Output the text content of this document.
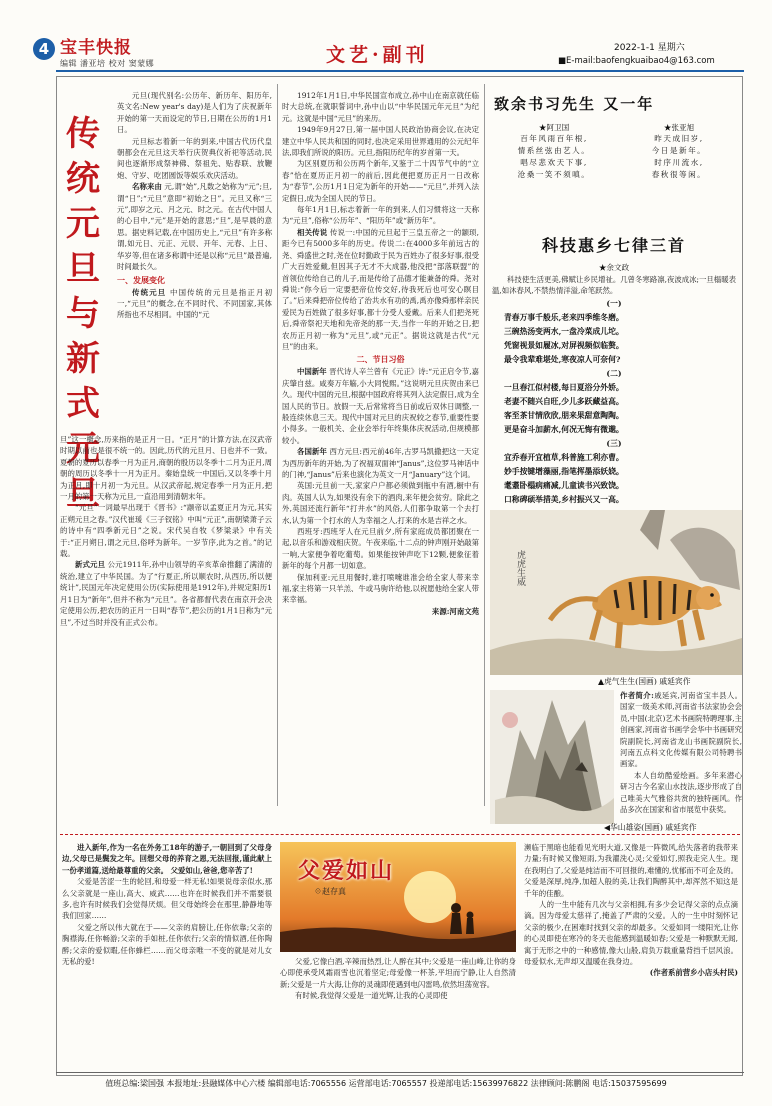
4 宝丰快报
编辑 潘亚培 校对 窦蒙娜	文艺·副刊	2022-1-1 星期六
■E-mail:baofengkuaibao4@163.com
传
统
元
旦
与
新
式
元
旦

元旦(现代别名:公历年、新历年、阳历年,英文名:New year's day)是人们为了庆祝新年开始的第一天而设定的节日,日期在公历的1月1日。

元旦标志着新一年的到来,中国古代历代皇朝都会在元旦这天举行庆贺典仪祈祀等活动,民间也逐渐形成祭神佛、祭祖先、贴春联、放鞭炮、守岁、吃团圆饭等娱乐欢庆活动。

名称来由 元,谓“始”,凡数之始称为“元”;旦,谓“日”;“元旦”意即“初始之日”。元旦又称“三元”,即岁之元、月之元、时之元。在古代中国人的心目中,“元”是开始的意思;“旦”,是早晨的意思。据史料记载,在中国历史上,“元旦”有许多称谓,如元日、元正、元辰、开年、元春、上日、华岁等,但在诸多称谓中还是以称“元旦”最普遍,时间最长久。

一、发展变化

传统元旦 中国传统的元旦是指正月初一,“元旦”的概念,在不同时代、不同国家,其体所指也不尽相同。中国的“元

旦”这一概念,历来指的是正月一日。“正月”的计算方法,在汉武帝时期以前也是很不统一的。因此,历代的元旦月、日也并不一致。夏朝的夏历以春季一月为正月,商朝的殷历以冬季十二月为正月,周朝的周历以冬季十一月为正月。秦始皇统一中国后,又以冬季十月为正月,即十月初一为元旦。从汉武帝起,规定春季一月为正月,把一月的第一天称为元旦,一直沿用到清朝末年。

“元旦”一词最早出现于《晋书》:“颛帝以孟夏正月为元,其实正朔元旦之春。”汉代崔瑗《三子钗铭》中叫“元正”,南朝梁萧子云的诗中有“四季新元日”之说。宋代吴自牧《梦粱录》中有关于:“正月朔日,谓之元旦,俗呼为新年。一岁节序,此为之首。”的记载。

新式元旦 公元1911年,孙中山领导的辛亥革命推翻了满清的统治,建立了中华民国。为了“行夏正,所以顺农时,从西历,所以便统计”,民国元年决定使用公历(实际使用是1912年),并规定阳历1月1日为“新年”,但并不称为“元旦”。各省都督代表在南京开会决定使用公历,把农历的正月一日叫“春节”,把公历的1月1日称为“元旦”,不过当时并没有正式公布。

1912年1月1日,中华民国宣布成立,孙中山在南京就任临时大总统,在就职誓词中,孙中山以“中华民国元年元旦”为纪元。这就是中国“元旦”的来历。

1949年9月27日,第一届中国人民政治协商会议,在决定建立中华人民共和国的同时,也决定采用世界通用的公元纪年法,即我们所说的阳历。元旦,指阳历纪年的岁首第一天。

为区别夏历和公历两个新年,又鉴于二十四节气中的“立春”恰在夏历正月初一的前后,因此便把夏历正月一日改称为“春节”,公历1月1日定为新年的开始——“元旦”,并列入法定假日,成为全国人民的节日。

每年1月1日,标志着新一年的到来,人们习惯将这一天称为“元旦”,俗称“公历年”、“阳历年”或“新历年”。

相关传说 传说一:中国的元旦起于三皇五帝之一的颛顼,距今已有5000多年的历史。传说二:在4000多年前远古的尧、舜盛世之时,尧在位时勤政于民为百姓办了很多好事,很受广大百姓爱戴,但因其子无才不大成器,他没把“部落联盟”的首领位传给自己的儿子,而是传给了品德才能兼备的舜。尧对舜说:“你今后一定要把帝位传交好,待我死后也可安心瞑目了。”后来舜把帝位传给了治共水有功的禹,禹亦像舜那样亲民爱民为百姓做了很多好事,都十分受人爱戴。后来人们把尧死后,舜帝祭祀天地和先帝尧的那一天,当作一年的开始之日,把农历正月初一称为“元旦”,或“元正”。据说这就是古代“元旦”的由来。

二、节日习俗

中国新年 晋代诗人辛兰曾有《元正》诗:“元正启令节,嘉庆肇自兹。咸奏万年觞,小大同悦熙。”这说明元旦庆贺由来已久。现代中国的元旦,根据中国政府将其列入法定假日,成为全国人民的节日。放假一天,后常常将当日前或后双休日调整,一般连续休息三天。现代中国对元旦的庆祝较之春节,重要性要小得多。一般机关、企业会举行年终集体庆祝活动,但规模都较小。

各国新年 西方元旦:西元前46年,古罗马凯撒把这一天定为西历新年的开始,为了祝福双面神“Janus”,这位罗马神话中的门神,“Janus”后来也演化为英文一月“January”这个词。

英国:元旦前一天,家家户户都必须做到瓶中有酒,橱中有肉。英国人认为,如果没有余下的酒肉,来年便会贫穷。除此之外,英国还流行新年“打井水”的风俗,人们都争取第一个去打水,认为第一个打水的人为幸福之人,打来的水是吉祥之水。

西班牙:西班牙人在元旦前夕,所有家庭成员都团聚在一起,以音乐和游戏相庆贺。午夜来临,十二点的钟声刚开始敲第一响,大家便争着吃葡萄。如果能按钟声吃下12颗,便象征着新年的每个月都一切如意。

保加利亚:元旦用餐时,谁打喷嚏谁准会给全家人带来幸福,家主将第一只羊羔、牛或马驹许给他,以祝愿他给全家人带来幸福。

来源:河南文苑

致余书习先生 又一年
★阿卫国
百年风雨百年根,
情系丝弦由艺人。
唱尽悲欢天下事,
沧桑一笑不须嗔。
★张亚旭
昨天成旧岁,
今日是新年。
时序川流水,
春秋很等闲。
科技惠乡七律三首
★余文政

科技使生活更美,佛赋让乡民增祉。几曾冬寒路凛,夜波成冰;一旦榻暖表温,如沐春风,不禁热情洋溢,命笔跃然。

(一)
青春万事千般乐,老来四季维冬磨。
三碗热汤变两水,一盘冷菜成儿坨。
凭窗视景如履冰,对屏视频似临赘。
最令我辈难堪处,寒夜凉人可奈何?
(二)
一旦春江似村楼,每日夏浴分外娇。
老妻不随兴自旺,少儿多跃藏益高。
客至茶甘情欣欣,朋来果甜意陶陶。
更是奋斗加薪水,何况无悔有微邈。
(三)
宜乔春开宜植草,科普施工利亦曹。
妙手按键增藻丽,指笔挥墨添妖娆。
耄耋卧榻病痛减,儿童读书兴致饶。
口称碑硕举措美,乡村振兴又一高。
虎虎生威
▲虎气生生(国画) 戚延宾作

作者简介:戚延宾,河南省宝丰县人。国家一级美术师,河南省书法家协会会员,中国(北京)艺术书画院特聘理事,主创画家,河南省书画学会华中书画研究院副院长,河南省龙山书画院副院长,河南五点科文化传媒有限公司特聘书画家。

本人自幼酷爱绘画。多年来潜心研习古今名家山水技法,逐步形成了自己唯美大气雅俗共赏的独特画风。作品多次在国家和省市展览中获奖。

◀华山雄姿(国画) 戚延宾作

进入新年,作为一名在外务工18年的游子,一朝回到了父母身边,父母已是鬓发之年。回想父母的养育之恩,无法回报,谨此献上一份孝道篇,送给最尊重的父亲。 父爱如山,爸爸,您辛苦了!

父爱是苦涩一生的轮回,和母爱一样无私!如果说母亲似水,那么父亲就是一座山,高大、威武……也许在时候我们并不需要很多,也许有时候我们会觉得厌烦。但父母始终会在那里,静静地等我们回家……

父爱之所以伟大就在于——父亲的肩膀让,任你依靠;父亲的胸襟海,任你畅游;父亲的手如桩,任你依行;父亲的情似酒,任你陶醉;父亲的爱似暇,任你蜂栏……而父母亲唯一不变的就是对儿女无私的爱!

父爱如山
☉赵存真

父爱,它像白酒,辛辣而热烈,让人醉在其中;父爱是一座山峰,让你的身心即使承受风霜雨雪也沉着坚定;母爱像一杯茶,平坦而宁静,让人自然清新;父爱是一片大海,让你的灵魂即使遇到电闪雷鸣,依然坦荡宽容。

有时候,我觉得父爱是一道光辉,让我的心灵即使

濒临于黑暗也能看见光明大道,又像是一阵微风,给失落者的我带来力量;有时候又像短雨,为我濯洗心灵;父爱如灯,照我走完人生。现在我明白了,父爱是纯洁而不可回报的,难懂的,忧郁而不可企及的。父爱是深厚,纯净,加超人般的美,让我们陶醉其中,却浑然不知这是千年的佳酿。

人的一生中能有几次与父亲相拥,有多少会记得父亲的点点滴滴。因为母爱太慈祥了,掩盖了严肃的父爱。人的一生中时刻怀记父亲的极少,在困难时找到父亲的却最多。父爱如同一缕阳光,让你的心灵即使在寒冷的冬天也能感到温暖如春;父爱是一种默默无闻,寓于无形之中的一种感情,像大山般,肩负万载重量背挡千层风浪。母爱似水,无声却又温暖在我身边。

(作者系前营乡小店头村民)

值班总编:梁国强 本报地址:县融媒体中心六楼 编辑部电话:7065556 运营部电话:7065557 投递部电话:15639976822 法律顾问:陈鹏阁 电话:15037595699
